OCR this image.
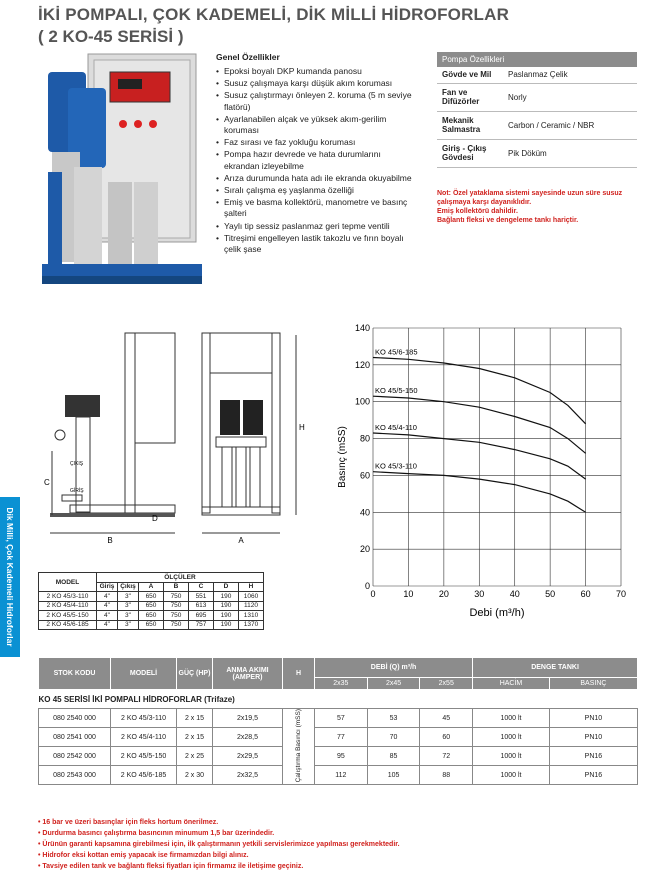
İKİ POMPALI, ÇOK KADEMELİ, DİK MİLLİ HİDROFORLAR
( 2 KO-45 SERİSİ )
Dik Milli, Çok Kademeli Hidroforlar
Genel Özellikler
• Epoksi boyalı DKP kumanda panosu
• Susuz çalışmaya karşı düşük akım koruması
• Susuz çalıştırmayı önleyen 2. koruma (5 m seviye flatörü)
• Ayarlanabilen alçak ve yüksek akım-gerilim koruması
• Faz sırası ve faz yokluğu koruması
• Pompa hazır devrede ve hata durumlarını ekrandan izleyebilme
• Arıza durumunda hata adı ile ekranda okuyabilme
• Sıralı çalışma eş yaşlanma özelliği
• Emiş ve basma kollektörü, manometre ve basınç şalteri
• Yaylı tip sessiz paslanmaz geri tepme ventili
• Titreşimi engelleyen lastik takozlu ve fırın boyalı çelik şase
Pompa Özellikleri	
Gövde ve Mil	Paslanmaz Çelik
Fan ve Difüzörler	Norly
Mekanik Salmastra	Carbon / Ceramic / NBR
Giriş - Çıkış Gövdesi	Pik Döküm
Not: Özel yataklama sistemi sayesinde uzun süre susuz çalışmaya karşı dayanıklıdır.
Emiş kollektörü dahildir.
Bağlantı fleksi ve dengeleme tankı hariçtir.
B
C
D
ÇIKIŞ
GİRİŞ
A
H
MODEL	ÖLÇÜLER						
	Giriş	Çıkış	A	B	C	D	H
2 KO 45/3-110	4"	3"	650	750	551	190	1060
2 KO 45/4-110	4"	3"	650	750	613	190	1120
2 KO 45/5-150	4"	3"	650	750	695	190	1310
2 KO 45/6-185	4"	3"	650	750	757	190	1370
0	10	20	30	40	50	60	70
0
20
40
60
80
100
120
140
Debi (m³/h)
Basınç (mSS)
KO 45/6-185
KO 45/5-150
KO 45/4-110
KO 45/3-110
STOK KODU	MODELİ	GÜÇ (HP)	ANMA AKIMI (AMPER)	H	DEBİ (Q) m³/h			DENGE TANKI	
					2x35	2x45	2x55	HACİM	BASINÇ
KO 45 SERİSİ İKİ POMPALI HİDROFORLAR (Trifaze)									
080 2540 000	2 KO 45/3-110	2 x 15	2x19,5	Çalıştırma Basıncı (mSS)	57	53	45	1000 lt	PN10
080 2541 000	2 KO 45/4-110	2 x 15	2x28,5		77	70	60	1000 lt	PN10
080 2542 000	2 KO 45/5-150	2 x 25	2x29,5		95	85	72	1000 lt	PN16
080 2543 000	2 KO 45/6-185	2 x 30	2x32,5		112	105	88	1000 lt	PN16
• 16 bar ve üzeri basınçlar için fleks hortum önerilmez.
• Durdurma basıncı çalıştırma basıncının minumum 1,5 bar üzerindedir.
• Ürünün garanti kapsamına girebilmesi için, ilk çalıştırmanın yetkili servislerimizce yapılması gerekmektedir.
• Hidrofor eksi kottan emiş yapacak ise firmamızdan bilgi alınız.
• Tavsiye edilen tank ve bağlantı fleksi fiyatları için firmamız ile iletişime geçiniz.
